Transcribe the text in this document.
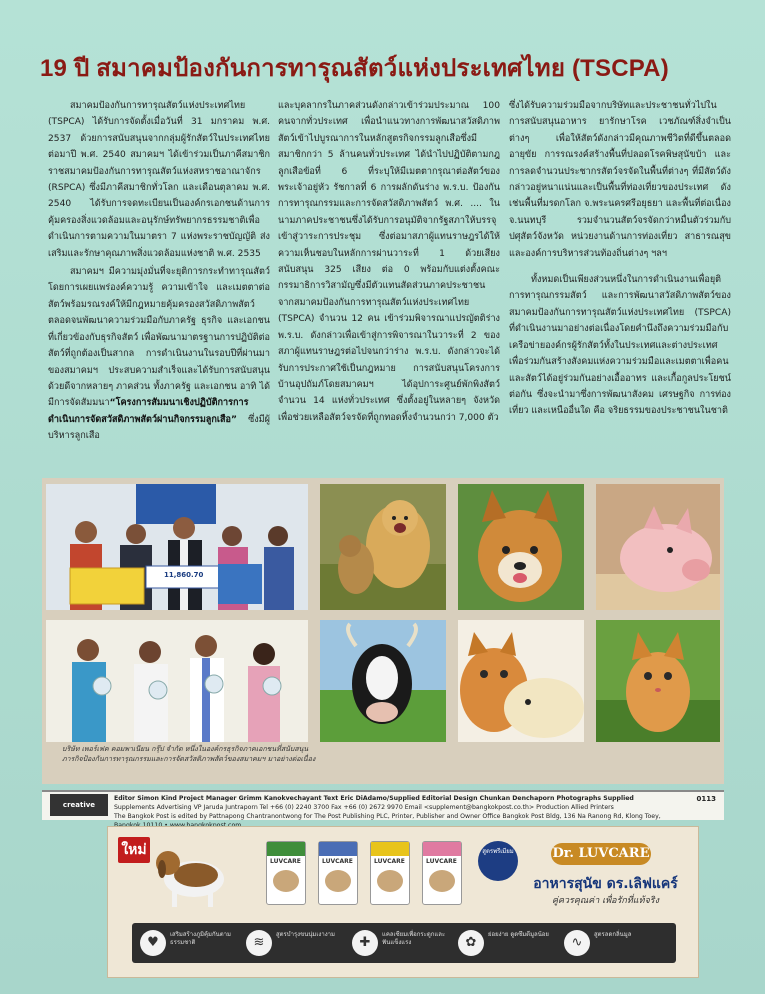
19 ปี สมาคมป้องกันการทารุณสัตว์แห่งประเทศไทย (TSCPA)

สมาคมป้องกันการทารุณสัตว์แห่งประเทศไทย (TSPCA) ได้รับการจัดตั้งเมื่อวันที่ 31 มกราคม พ.ศ. 2537 ด้วยการสนับสนุนจากกลุ่มผู้รักสัตว์ในประเทศไทย ต่อมาปี พ.ศ. 2540 สมาคมฯ ได้เข้าร่วมเป็นภาคีสมาชิกราชสมาคมป้องกันการทารุณสัตว์แห่งสหราชอาณาจักร (RSPCA) ซึ่งมีภาคีสมาชิกทั่วโลก และเดือนตุลาคม พ.ศ. 2540 ได้รับการจดทะเบียนเป็นองค์กรเอกชนด้านการคุ้มครองสิ่งแวดล้อมและอนุรักษ์ทรัพยากรธรรมชาติเพื่อดำเนินการตามความในมาตรา 7 แห่งพระราชบัญญัติ ส่งเสริมและรักษาคุณภาพสิ่งแวดล้อมแห่งชาติ พ.ศ. 2535

สมาคมฯ มีความมุ่งมั่นที่จะยุติการกระทำทารุณสัตว์โดยการเผยแพร่องค์ความรู้ ความเข้าใจ และเมตตาต่อสัตว์พร้อมรณรงค์ให้มีกฎหมายคุ้มครองสวัสดิภาพสัตว์ ตลอดจนพัฒนาความร่วมมือกับภาครัฐ ธุรกิจ และเอกชนที่เกี่ยวข้องกับธุรกิจสัตว์ เพื่อพัฒนามาตรฐานการปฏิบัติต่อสัตว์ที่ถูกต้องเป็นสากล การดำเนินงานในรอบปีที่ผ่านมาของสมาคมฯ ประสบความสำเร็จและได้รับการสนับสนุนด้วยดีจากหลายๆ ภาคส่วน ทั้งภาครัฐ และเอกชน อาทิ ได้มีการจัดสัมมนา“โครงการสัมมนาเชิงปฏิบัติการการดำเนินการจัดสวัสดิภาพสัตว์ผ่านกิจกรรมลูกเสือ” ซึ่งมีผู้บริหารลูกเสือ

และบุคลากรในภาคส่วนดังกล่าวเข้าร่วมประมาณ 100 คนจากทั่วประเทศ เพื่อนำแนวทางการพัฒนาสวัสดิภาพสัตว์เข้าไปบูรณาการในหลักสูตรกิจกรรมลูกเสือซึ่งมีสมาชิกกว่า 5 ล้านคนทั่วประเทศ ได้นำไปปฏิบัติตามกฎลูกเสือข้อที่ 6 ที่ระบุให้มีเมตตากรุณาต่อสัตว์ของพระเจ้าอยู่หัว รัชกาลที่ 6 การผลักดันร่าง พ.ร.บ. ป้องกันการทารุณกรรมและการจัดสวัสดิภาพสัตว์ พ.ศ. .... ในนามภาคประชาชนซึ่งได้รับการอนุมัติจากรัฐสภาให้บรรจุเข้าสู่วาระการประชุม ซึ่งต่อมาสภาผู้แทนราษฎรได้ให้ความเห็นชอบในหลักการผ่านวาระที่ 1 ด้วยเสียงสนับสนุน 325 เสียง ต่อ 0 พร้อมกับแต่งตั้งคณะกรรมาธิการวิสามัญซึ่งมีตัวแทนสัดส่วนภาคประชาชนจากสมาคมป้องกันการทารุณสัตว์แห่งประเทศไทย (TSPCA) จำนวน 12 คน เข้าร่วมพิจารณาแปรญัตติร่าง พ.ร.บ. ดังกล่าวเพื่อเข้าสู่การพิจารณาในวาระที่ 2 ของสภาผู้แทนราษฎรต่อไปจนกว่าร่าง พ.ร.บ. ดังกล่าวจะได้รับการประกาศใช้เป็นกฎหมาย การสนับสนุนโครงการบ้านอุปถัมภ์โดยสมาคมฯ ได้อุปการะศูนย์พักพิงสัตว์จำนวน 14 แห่งทั่วประเทศ ซึ่งตั้งอยู่ในหลายๆ จังหวัด เพื่อช่วยเหลือสัตว์จรจัดที่ถูกทอดทิ้งจำนวนกว่า 7,000 ตัว

ซึ่งได้รับความร่วมมือจากบริษัทและประชาชนทั่วไปในการสนับสนุนอาหาร ยารักษาโรค เวชภัณฑ์สิ่งจำเป็นต่างๆ เพื่อให้สัตว์ดังกล่าวมีคุณภาพชีวิตที่ดีขึ้นตลอดอายุขัย การรณรงค์สร้างพื้นที่ปลอดโรคพิษสุนัขบ้า และการลดจำนวนประชากรสัตว์จรจัดในพื้นที่ต่างๆ ที่มีสัตว์ดังกล่าวอยู่หนาแน่นและเป็นพื้นที่ท่องเที่ยวของประเทศ ดังเช่นพื้นที่มรดกโลก จ.พระนครศรีอยุธยา และพื้นที่ต่อเนื่อง จ.นนทบุรี รวมจำนวนสัตว์จรจัดกว่าหมื่นตัวร่วมกับปศุสัตว์จังหวัด หน่วยงานด้านการท่องเที่ยว สาธารณสุข และองค์การบริหารส่วนท้องถิ่นต่างๆ ฯลฯ

ทั้งหมดเป็นเพียงส่วนหนึ่งในการดำเนินงานเพื่อยุติการทารุณกรรมสัตว์ และการพัฒนาสวัสดิภาพสัตว์ของสมาคมป้องกันการทารุณสัตว์แห่งประเทศไทย (TSPCA) ที่ดำเนินงานมาอย่างต่อเนื่องโดยคำนึงถึงความร่วมมือกับเครือข่ายองค์กรผู้รักสัตว์ทั้งในประเทศและต่างประเทศ เพื่อร่วมกันสร้างสังคมแห่งความร่วมมือและเมตตาเพื่อคนและสัตว์ได้อยู่ร่วมกันอย่างเอื้ออาทร และเกื้อกูลประโยชน์ต่อกัน ซึ่งจะนำมาซึ่งการพัฒนาสังคม เศรษฐกิจ การท่องเที่ยว และเหนืออื่นใด คือ จริยธรรมของประชาชนในชาติ

11,860.70
บริษัท เพอร์เฟค คอมพาเนียน กรุ๊ป จำกัด หนึ่งในองค์กรธุรกิจภาคเอกชนที่สนับสนุนภารกิจป้องกันการทารุณกรรมและการจัดสวัสดิภาพสัตว์ของสมาคมฯ มาอย่างต่อเนื่อง
creative
Editor Simon Kind Project Manager Grimm Kanokvechayant Text Eric DiAdamo/Supplied Editorial Design Chunkan Denchaporn Photographs Supplied
Supplements Advertising VP Jaruda Juntraporn Tel +66 (0) 2240 3700 Fax +66 (0) 2672 9970 Email <supplement@bangkokpost.co.th> Production Allied Printers
The Bangkok Post is edited by Pattnapong Chantranontwong for The Post Publishing PLC, Printer, Publisher and Owner Office Bangkok Post Bldg, 136 Na Ranong Rd, Klong Toey,
0113
ใหม่
LUVCARE	LUVCARE	LUVCARE	LUVCARE
สูตรพรีเมียม	Dr. LUVCARE
อาหารสุนัข ดร.เลิฟแคร์
คู่ควรคุณค่า เพื่อรักที่แท้จริง
♥
เสริมสร้างภูมิคุ้มกันตามธรรมชาติ	≋
สูตรบำรุงขนนุ่มเงางาม
✚
แคลเซียมเพื่อกระดูกและฟันแข็งแรง	✿
ย่อยง่าย ดูดซึมดีมูลน้อย
∿
สูตรลดกลิ่นมูล
